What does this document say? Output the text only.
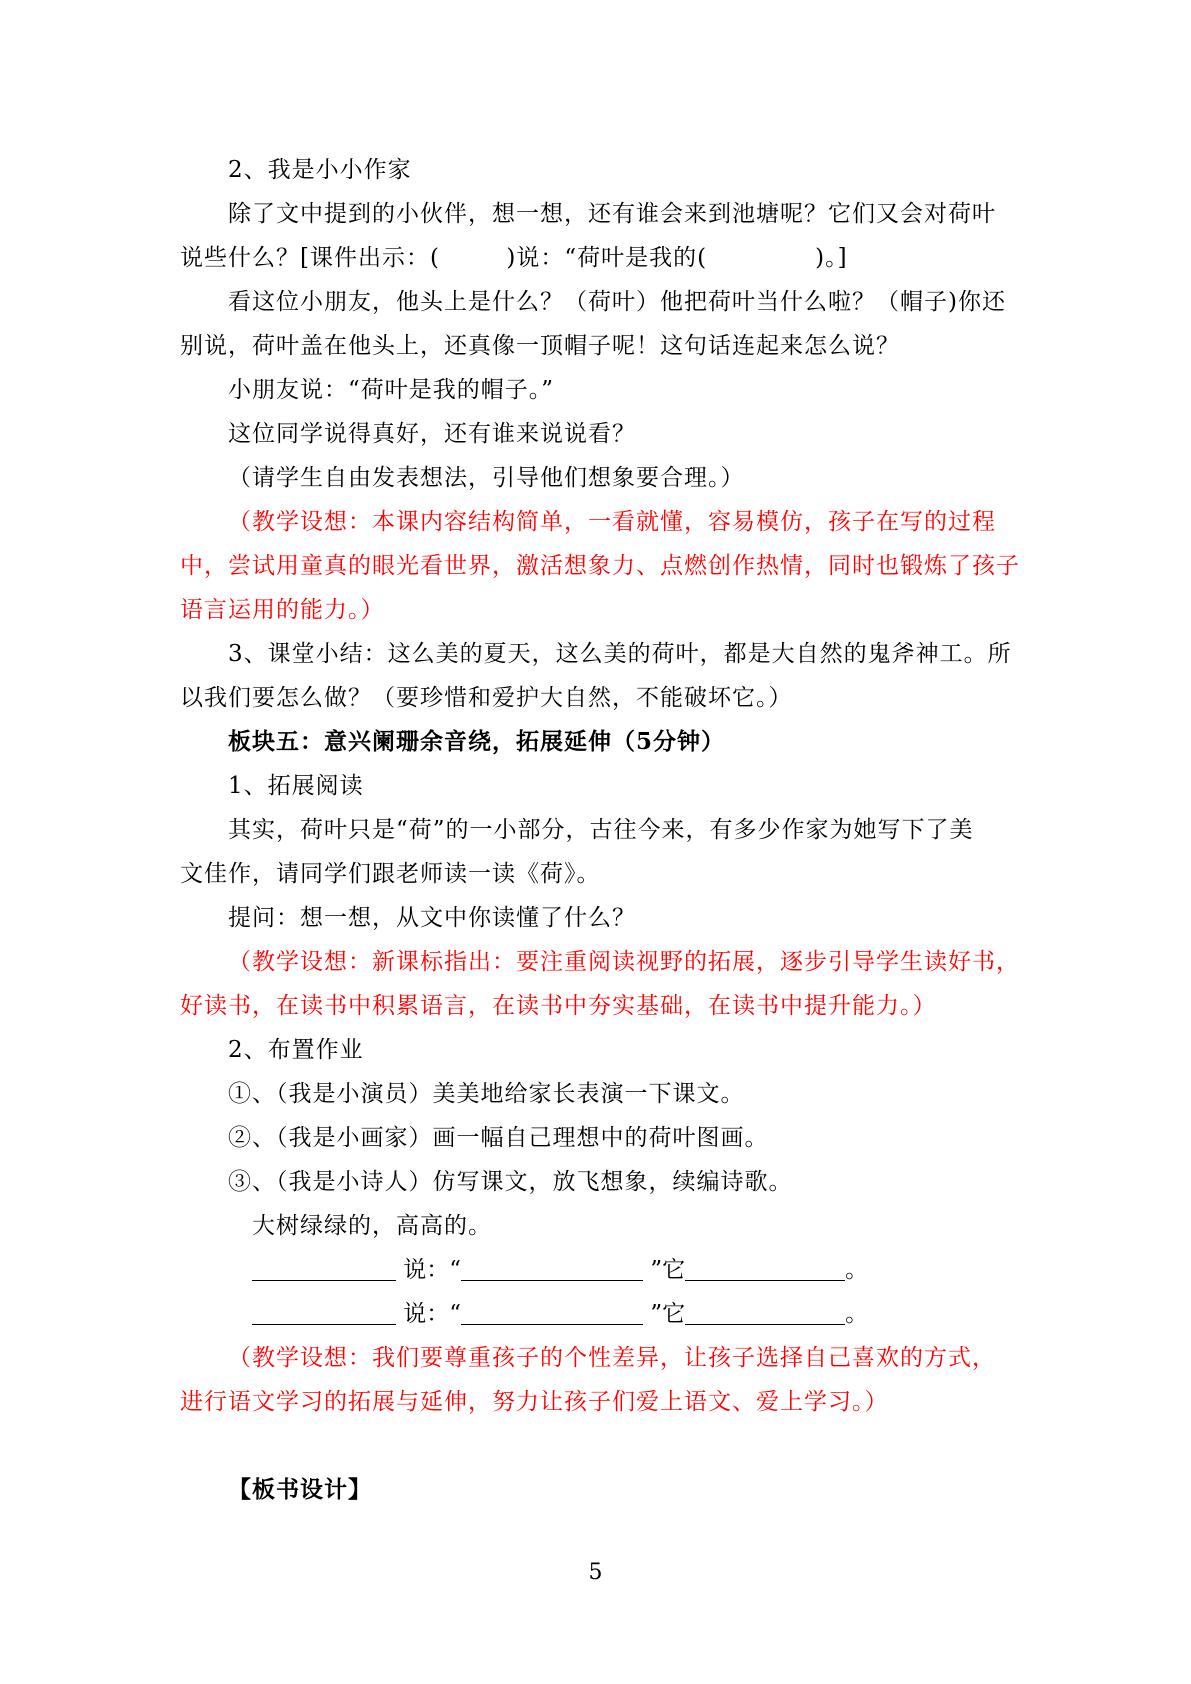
2、我是小小作家
除了文中提到的小伙伴，想一想，还有谁会来到池塘呢？它们又会对荷叶
说些什么？[课件出示：(        )说：“荷叶是我的(             )。]
看这位小朋友，他头上是什么？（荷叶）他把荷叶当什么啦？（帽子)你还
别说，荷叶盖在他头上，还真像一顶帽子呢！这句话连起来怎么说？
小朋友说：“荷叶是我的帽子。”
这位同学说得真好，还有谁来说说看？
（请学生自由发表想法，引导他们想象要合理。）
（教学设想：本课内容结构简单，一看就懂，容易模仿，孩子在写的过程
中，尝试用童真的眼光看世界，激活想象力、点燃创作热情，同时也锻炼了孩子
语言运用的能力。）
3、课堂小结：这么美的夏天，这么美的荷叶，都是大自然的鬼斧神工。所
以我们要怎么做？（要珍惜和爱护大自然，不能破坏它。）
板块五：意兴阑珊余音绕，拓展延伸（5分钟）
1、拓展阅读
其实，荷叶只是“荷”的一小部分，古往今来，有多少作家为她写下了美
文佳作，请同学们跟老师读一读《荷》。
提问：想一想，从文中你读懂了什么？
（教学设想：新课标指出：要注重阅读视野的拓展，逐步引导学生读好书，
好读书，在读书中积累语言，在读书中夯实基础，在读书中提升能力。）
2、布置作业
①、（我是小演员）美美地给家长表演一下课文。
②、（我是小画家）画一幅自己理想中的荷叶图画。
③、（我是小诗人）仿写课文，放飞想象，续编诗歌。
大树绿绿的，高高的。
说：“	”它	。
说：“	”它	。
（教学设想：我们要尊重孩子的个性差异，让孩子选择自己喜欢的方式，
进行语文学习的拓展与延伸，努力让孩子们爱上语文、爱上学习。）
【板书设计】
5
